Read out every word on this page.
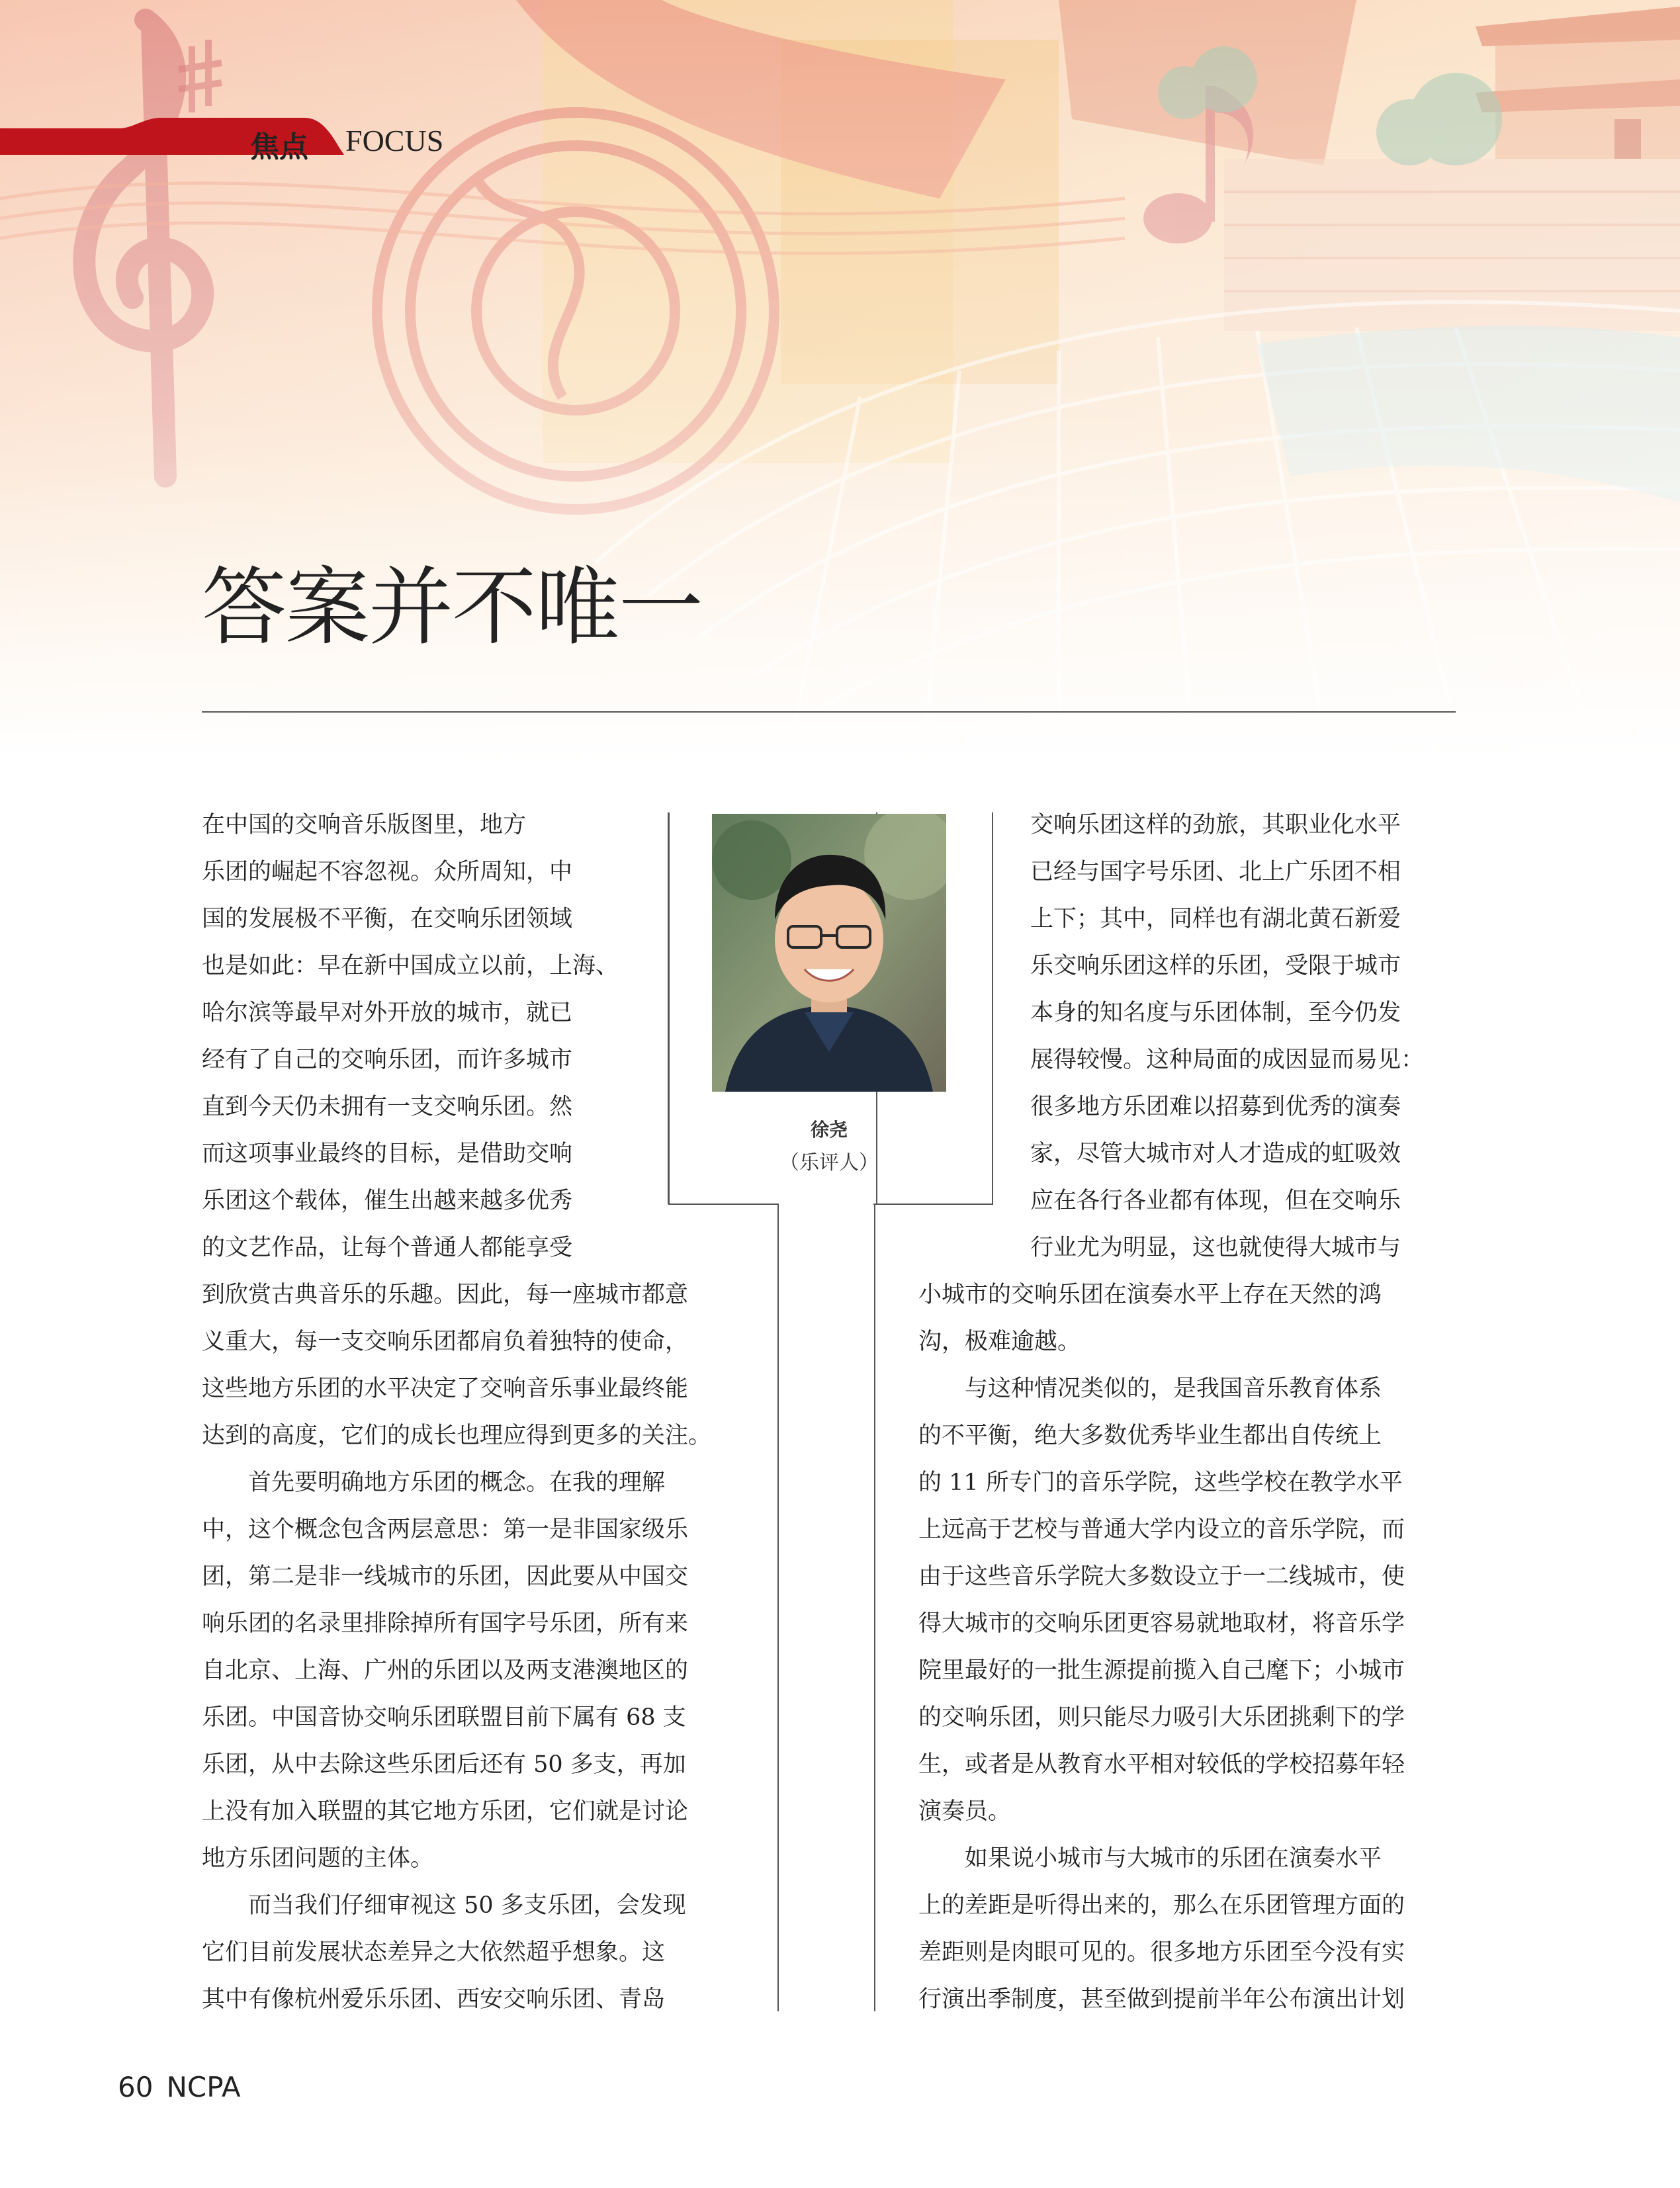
焦点 FOCUS
答案并不唯一

在中国的交响音乐版图里，地方

乐团的崛起不容忽视。众所周知，中

国的发展极不平衡，在交响乐团领域

也是如此：早在新中国成立以前，上海、

哈尔滨等最早对外开放的城市，就已

经有了自己的交响乐团，而许多城市

直到今天仍未拥有一支交响乐团。然

而这项事业最终的目标，是借助交响

乐团这个载体，催生出越来越多优秀

的文艺作品，让每个普通人都能享受

到欣赏古典音乐的乐趣。因此，每一座城市都意

义重大，每一支交响乐团都肩负着独特的使命，

这些地方乐团的水平决定了交响音乐事业最终能

达到的高度，它们的成长也理应得到更多的关注。

　　首先要明确地方乐团的概念。在我的理解

中，这个概念包含两层意思：第一是非国家级乐

团，第二是非一线城市的乐团，因此要从中国交

响乐团的名录里排除掉所有国字号乐团，所有来

自北京、上海、广州的乐团以及两支港澳地区的

乐团。中国音协交响乐团联盟目前下属有 68 支

乐团，从中去除这些乐团后还有 50 多支，再加

上没有加入联盟的其它地方乐团，它们就是讨论

地方乐团问题的主体。

　　而当我们仔细审视这 50 多支乐团，会发现

它们目前发展状态差异之大依然超乎想象。这

其中有像杭州爱乐乐团、西安交响乐团、青岛

交响乐团这样的劲旅，其职业化水平

已经与国字号乐团、北上广乐团不相

上下；其中，同样也有湖北黄石新爱

乐交响乐团这样的乐团，受限于城市

本身的知名度与乐团体制，至今仍发

展得较慢。这种局面的成因显而易见：

很多地方乐团难以招募到优秀的演奏

家，尽管大城市对人才造成的虹吸效

应在各行各业都有体现，但在交响乐

行业尤为明显，这也就使得大城市与

小城市的交响乐团在演奏水平上存在天然的鸿

沟，极难逾越。

　　与这种情况类似的，是我国音乐教育体系

的不平衡，绝大多数优秀毕业生都出自传统上

的 11 所专门的音乐学院，这些学校在教学水平

上远高于艺校与普通大学内设立的音乐学院，而

由于这些音乐学院大多数设立于一二线城市，使

得大城市的交响乐团更容易就地取材，将音乐学

院里最好的一批生源提前揽入自己麾下；小城市

的交响乐团，则只能尽力吸引大乐团挑剩下的学

生，或者是从教育水平相对较低的学校招募年轻

演奏员。

　　如果说小城市与大城市的乐团在演奏水平

上的差距是听得出来的，那么在乐团管理方面的

差距则是肉眼可见的。很多地方乐团至今没有实

行演出季制度，甚至做到提前半年公布演出计划

徐尧
（乐评人）
60 NCPA
